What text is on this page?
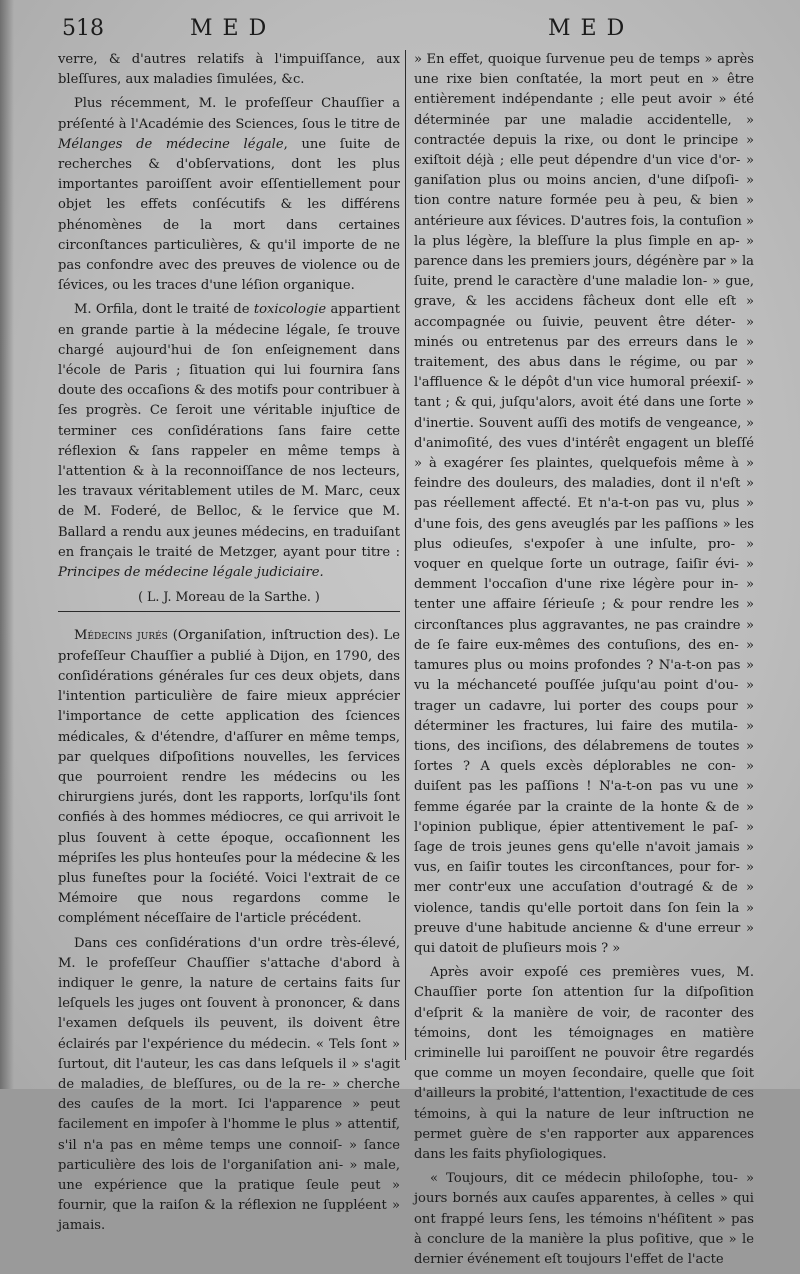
518	MED	MED

verre, & d'autres relatifs à l'impuiſſance, aux bleſſures, aux maladies ſimulées, &c.

Plus récemment, M. le profeſſeur Chauſſier a préſenté à l'Académie des Sciences, ſous le titre de Mélanges de médecine légale, une ſuite de recherches & d'obſervations, dont les plus importantes paroiſſent avoir eſſentiellement pour objet les effets conſécutifs & les différens phénomènes de la mort dans certaines circonſtances particulières, & qu'il importe de ne pas confondre avec des preuves de violence ou de ſévices, ou les traces d'une léſion organique.

M. Orfila, dont le traité de toxicologie appartient en grande partie à la médecine légale, ſe trouve chargé aujourd'hui de ſon enſeignement dans l'école de Paris ; ſituation qui lui fournira ſans doute des occaſions & des motifs pour contribuer à ſes progrès. Ce ſeroit une véritable injuſtice de terminer ces conſidérations ſans faire cette réflexion & ſans rappeler en même temps à l'attention & à la reconnoiſſance de nos lecteurs, les travaux véritablement utiles de M. Marc, ceux de M. Foderé, de Belloc, & le ſervice que M. Ballard a rendu aux jeunes médecins, en traduiſant en français le traité de Metzger, ayant pour titre : Principes de médecine légale judiciaire.

( L. J. Moreau de la Sarthe. )

Médecins jurés (Organiſation, inſtruction des). Le profeſſeur Chauſſier a publié à Dijon, en 1790, des conſidérations générales ſur ces deux objets, dans l'intention particulière de faire mieux apprécier l'importance de cette application des ſciences médicales, & d'étendre, d'aſſurer en même temps, par quelques diſpoſitions nouvelles, les ſervices que pourroient rendre les médecins ou les chirurgiens jurés, dont les rapports, lorſqu'ils ſont confiés à des hommes médiocres, ce qui arrivoit le plus ſouvent à cette époque, occaſionnent les mépriſes les plus honteuſes pour la médecine & les plus funeſtes pour la ſociété. Voici l'extrait de ce Mémoire que nous regardons comme le complément néceſſaire de l'article précédent.

Dans ces conſidérations d'un ordre très-élevé, M. le profeſſeur Chauſſier s'attache d'abord à indiquer le genre, la nature de certains faits ſur leſquels les juges ont ſouvent à prononcer, & dans l'examen deſquels ils peuvent, ils doivent être éclairés par l'expérience du médecin. « Tels ſont » ſurtout, dit l'auteur, les cas dans leſquels il » s'agit de maladies, de bleſſures, ou de la re- » cherche des cauſes de la mort. Ici l'apparence » peut facilement en impoſer à l'homme le plus » attentif, s'il n'a pas en même temps une connoiſ- » ſance particulière des lois de l'organiſation ani- » male, une expérience que la pratique ſeule peut » fournir, que la raiſon & la réflexion ne ſuppléent » jamais.

» En effet, quoique ſurvenue peu de temps » après une rixe bien conſtatée, la mort peut en » être entièrement indépendante ; elle peut avoir » été déterminée par une maladie accidentelle, » contractée depuis la rixe, ou dont le principe » exiſtoit déjà ; elle peut dépendre d'un vice d'or- » ganiſation plus ou moins ancien, d'une diſpoſi- » tion contre nature formée peu à peu, & bien » antérieure aux ſévices. D'autres fois, la contuſion » la plus légère, la bleſſure la plus ſimple en ap- » parence dans les premiers jours, dégénère par » la ſuite, prend le caractère d'une maladie lon- » gue, grave, & les accidens fâcheux dont elle eſt » accompagnée ou ſuivie, peuvent être déter- » minés ou entretenus par des erreurs dans le » traitement, des abus dans le régime, ou par » l'affluence & le dépôt d'un vice humoral préexiſ- » tant ; & qui, juſqu'alors, avoit été dans une ſorte » d'inertie. Souvent auſſi des motifs de vengeance, » d'animoſité, des vues d'intérêt engagent un bleſſé » à exagérer ſes plaintes, quelquefois même à » feindre des douleurs, des maladies, dont il n'eſt » pas réellement affecté. Et n'a-t-on pas vu, plus » d'une fois, des gens aveuglés par les paſſions » les plus odieuſes, s'expoſer à une inſulte, pro- » voquer en quelque ſorte un outrage, ſaiſir évi- » demment l'occaſion d'une rixe légère pour in- » tenter une affaire ſérieuſe ; & pour rendre les » circonſtances plus aggravantes, ne pas craindre » de ſe faire eux-mêmes des contuſions, des en- » tamures plus ou moins profondes ? N'a-t-on pas » vu la méchanceté pouſſée juſqu'au point d'ou- » trager un cadavre, lui porter des coups pour » déterminer les fractures, lui faire des mutila- » tions, des inciſions, des délabremens de toutes » ſortes ? A quels excès déplorables ne con- » duiſent pas les paſſions ! N'a-t-on pas vu une » femme égarée par la crainte de la honte & de » l'opinion publique, épier attentivement le paſ- » ſage de trois jeunes gens qu'elle n'avoit jamais » vus, en ſaiſir toutes les circonſtances, pour for- » mer contr'eux une accuſation d'outragé & de » violence, tandis qu'elle portoit dans ſon ſein la » preuve d'une habitude ancienne & d'une erreur » qui datoit de pluſieurs mois ? »

Après avoir expoſé ces premières vues, M. Chauſſier porte ſon attention ſur la diſpoſition d'eſprit & la manière de voir, de raconter des témoins, dont les témoignages en matière criminelle lui paroiſſent ne pouvoir être regardés que comme un moyen ſecondaire, quelle que ſoit d'ailleurs la probité, l'attention, l'exactitude de ces témoins, à qui la nature de leur inſtruction ne permet guère de s'en rapporter aux apparences dans les faits phyſiologiques.

« Toujours, dit ce médecin philoſophe, tou- » jours bornés aux cauſes apparentes, à celles » qui ont frappé leurs ſens, les témoins n'héſitent » pas à conclure de la manière la plus poſitive, que » le dernier événement eſt toujours l'effet de l'acte
